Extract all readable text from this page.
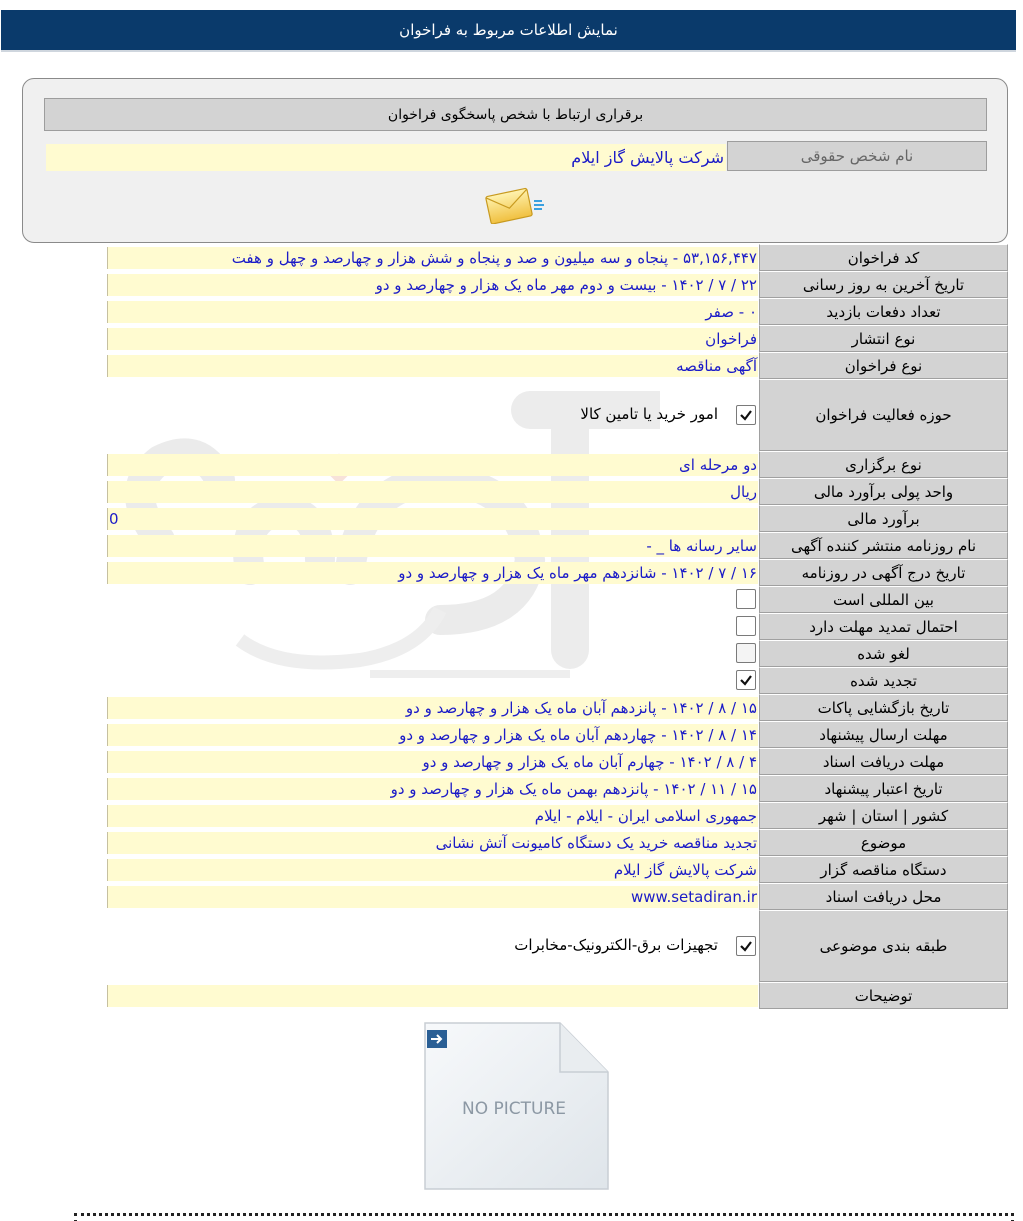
نمایش اطلاعات مربوط به فراخوان
برقراری ارتباط با شخص پاسخگوی فراخوان
نام شخص حقوقی
شرکت پالایش گاز ایلام
کد فراخوان
۵۳,۱۵۶,۴۴۷ - پنجاه و سه میلیون و صد و پنجاه و شش هزار و چهارصد و چهل و هفت
تاریخ آخرین به روز رسانی
۲۲ / ۷ / ۱۴۰۲ - بیست و دوم مهر ماه یک هزار و چهارصد و دو
تعداد دفعات بازدید
۰ - صفر
نوع انتشار
فراخوان
نوع فراخوان
آگهی مناقصه
حوزه فعالیت فراخوان
امور خرید یا تامین کالا
نوع برگزاری
دو مرحله ای
واحد پولی برآورد مالی
ریال
برآورد مالی
0
نام روزنامه منتشر کننده آگهی
سایر رسانه ها _ -
تاریخ درج آگهی در روزنامه
۱۶ / ۷ / ۱۴۰۲ - شانزدهم مهر ماه یک هزار و چهارصد و دو
بین المللی است
احتمال تمدید مهلت دارد
لغو شده
تجدید شده
تاریخ بازگشایی پاکات
۱۵ / ۸ / ۱۴۰۲ - پانزدهم آبان ماه یک هزار و چهارصد و دو
مهلت ارسال پیشنهاد
۱۴ / ۸ / ۱۴۰۲ - چهاردهم آبان ماه یک هزار و چهارصد و دو
مهلت دریافت اسناد
۴ / ۸ / ۱۴۰۲ - چهارم آبان ماه یک هزار و چهارصد و دو
تاریخ اعتبار پیشنهاد
۱۵ / ۱۱ / ۱۴۰۲ - پانزدهم بهمن ماه یک هزار و چهارصد و دو
کشور | استان | شهر
جمهوری اسلامی ایران - ایلام - ایلام
موضوع
تجدید مناقصه خرید یک دستگاه کامیونت آتش نشانی
دستگاه مناقصه گزار
شرکت پالایش گاز ایلام
محل دریافت اسناد
www.setadiran.ir
طبقه بندی موضوعی
تجهیزات برق-الکترونیک-مخابرات
توضیحات
NO PICTURE
